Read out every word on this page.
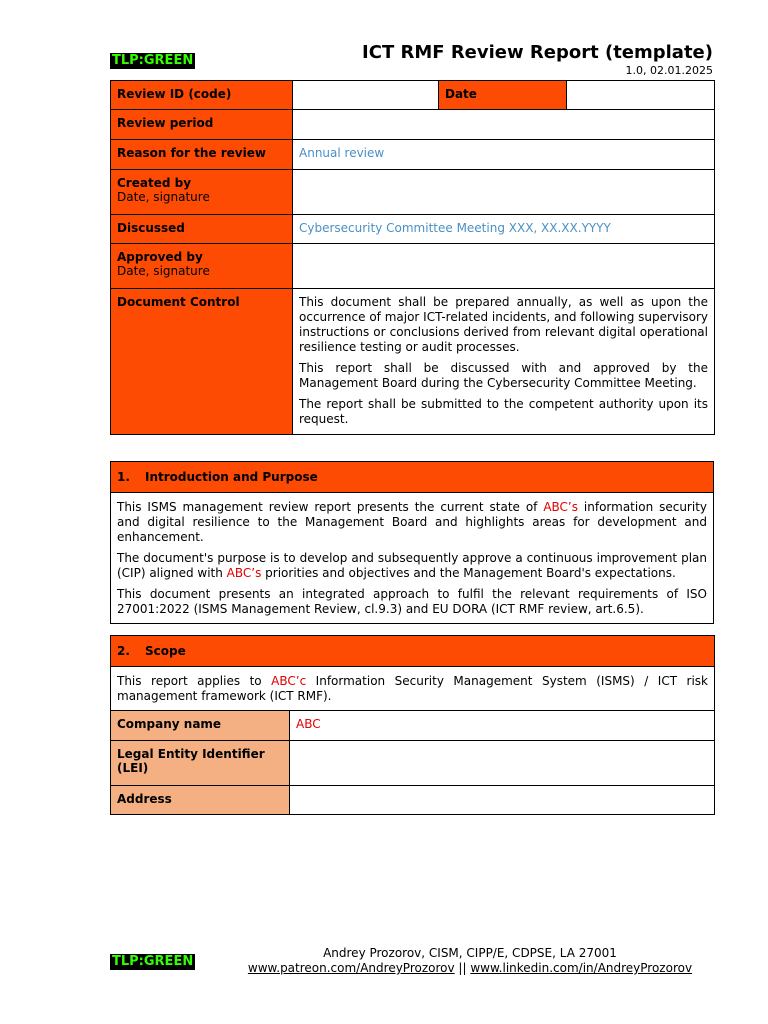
TLP:GREEN	ICT RMF Review Report (template)
1.0, 02.01.2025
Review ID (code)		Date	
Review period			
Reason for the review	Annual review		
Created by
Date, signature			

Discussed	Cybersecurity Committee Meeting XXX, XX.XX.YYYY		
Approved by
Date, signature			

Document Control	This document shall be prepared annually, as well as upon the occurrence of major ICT-related incidents, and following supervisory instructions or conclusions derived from relevant digital operational resilience testing or audit processes.

This report shall be discussed with and approved by the Management Board during the Cybersecurity Committee Meeting.

The report shall be submitted to the competent authority upon its request.		

1. Introduction and Purpose

This ISMS management review report presents the current state of ABC’s information security and digital resilience to the Management Board and highlights areas for development and enhancement.

The document's purpose is to develop and subsequently approve a continuous improvement plan (CIP) aligned with ABC’s priorities and objectives and the Management Board's expectations.

This document presents an integrated approach to fulfil the relevant requirements of ISO 27001:2022 (ISMS Management Review, cl.9.3) and EU DORA (ICT RMF review, art.6.5).

2. Scope	

This report applies to ABC’c Information Security Management System (ISMS) / ICT risk management framework (ICT RMF).	

Company name	ABC
Legal Entity Identifier (LEI)	
Address	
TLP:GREEN
Andrey Prozorov, CISM, CIPP/E, CDPSE, LA 27001
www.patreon.com/AndreyProzorov || www.linkedin.com/in/AndreyProzorov
